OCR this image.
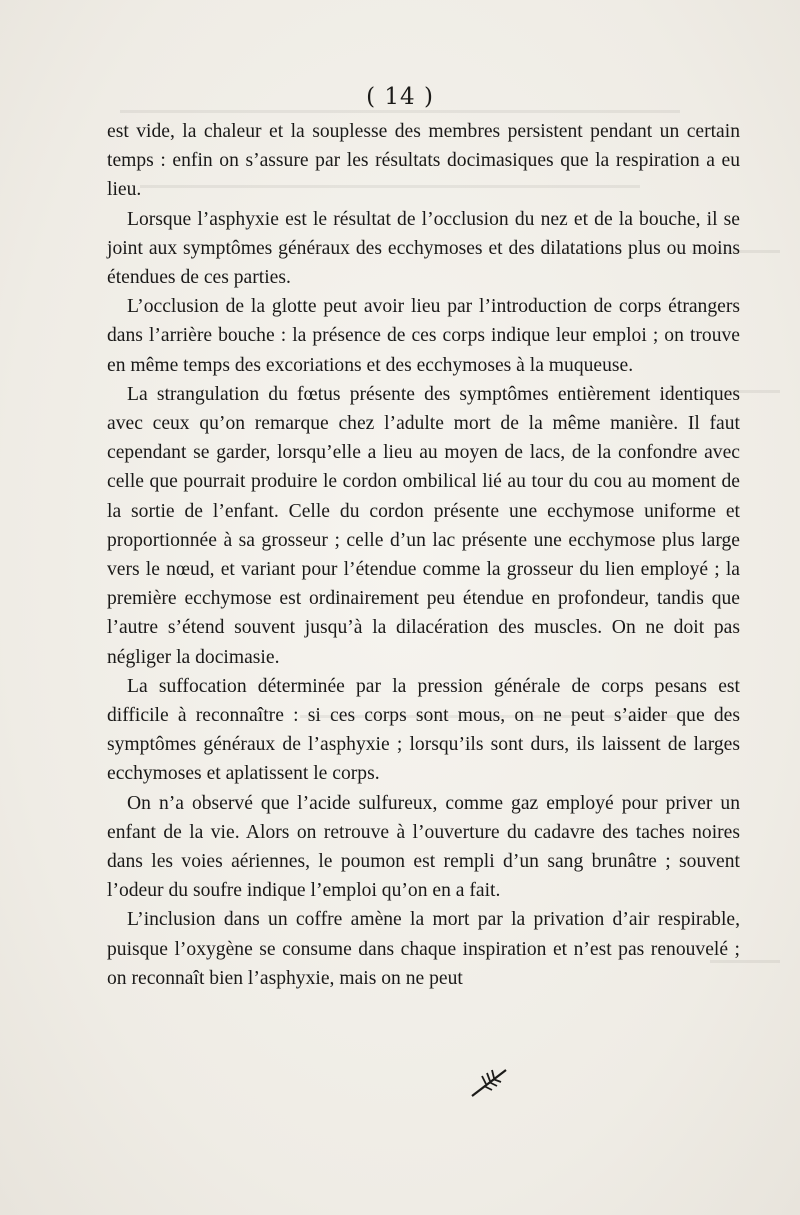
( 14 )

est vide, la chaleur et la souplesse des membres persistent pendant un certain temps : enfin on s’assure par les résultats docimasiques que la respiration a eu lieu.

Lorsque l’asphyxie est le résultat de l’occlusion du nez et de la bouche, il se joint aux symptômes généraux des ecchymoses et des dilatations plus ou moins étendues de ces parties.

L’occlusion de la glotte peut avoir lieu par l’introduction de corps étrangers dans l’arrière bouche : la présence de ces corps indique leur emploi ; on trouve en même temps des excoriations et des ecchymoses à la muqueuse.

La strangulation du fœtus présente des symptômes entièrement identiques avec ceux qu’on remarque chez l’adulte mort de la même manière. Il faut cependant se garder, lorsqu’elle a lieu au moyen de lacs, de la confondre avec celle que pourrait produire le cordon ombilical lié au tour du cou au moment de la sortie de l’enfant. Celle du cordon présente une ecchymose uniforme et proportionnée à sa grosseur ; celle d’un lac présente une ecchymose plus large vers le nœud, et variant pour l’étendue comme la grosseur du lien employé ; la première ecchymose est ordinairement peu étendue en profondeur, tandis que l’autre s’étend souvent jusqu’à la dilacération des muscles. On ne doit pas négliger la docimasie.

La suffocation déterminée par la pression générale de corps pesans est difficile à reconnaître : si ces corps sont mous, on ne peut s’aider que des symptômes généraux de l’asphyxie ; lorsqu’ils sont durs, ils laissent de larges ecchymoses et aplatissent le corps.

On n’a observé que l’acide sulfureux, comme gaz employé pour priver un enfant de la vie. Alors on retrouve à l’ouverture du cadavre des taches noires dans les voies aériennes, le poumon est rempli d’un sang brunâtre ; souvent l’odeur du soufre indique l’emploi qu’on en a fait.

L’inclusion dans un coffre amène la mort par la privation d’air respirable, puisque l’oxygène se consume dans chaque inspiration et n’est pas renouvelé ; on reconnaît bien l’asphyxie, mais on ne peut
